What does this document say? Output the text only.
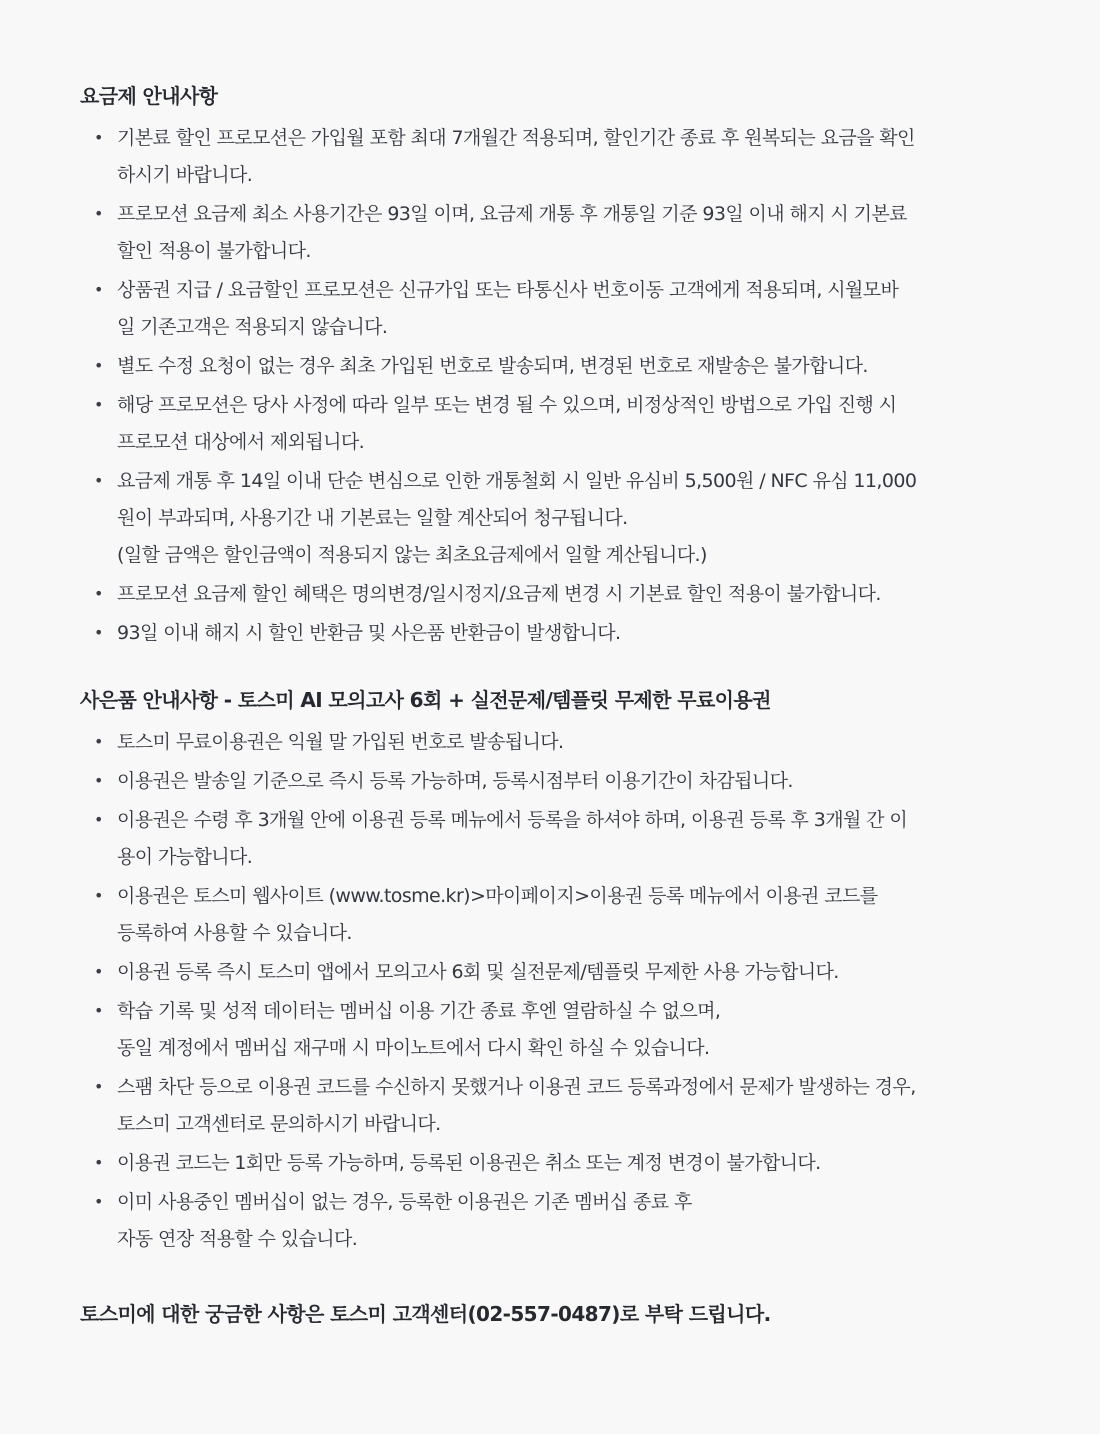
요금제 안내사항
• 기본료 할인 프로모션은 가입월 포함 최대 7개월간 적용되며, 할인기간 종료 후 원복되는 요금을 확인
하시기 바랍니다.
• 프로모션 요금제 최소 사용기간은 93일 이며, 요금제 개통 후 개통일 기준 93일 이내 해지 시 기본료
할인 적용이 불가합니다.
• 상품권 지급 / 요금할인 프로모션은 신규가입 또는 타통신사 번호이동 고객에게 적용되며, 시월모바
일 기존고객은 적용되지 않습니다.
• 별도 수정 요청이 없는 경우 최초 가입된 번호로 발송되며, 변경된 번호로 재발송은 불가합니다.
• 해당 프로모션은 당사 사정에 따라 일부 또는 변경 될 수 있으며, 비정상적인 방법으로 가입 진행 시
프로모션 대상에서 제외됩니다.
• 요금제 개통 후 14일 이내 단순 변심으로 인한 개통철회 시 일반 유심비 5,500원 / NFC 유심 11,000
원이 부과되며, 사용기간 내 기본료는 일할 계산되어 청구됩니다.
(일할 금액은 할인금액이 적용되지 않는 최초요금제에서 일할 계산됩니다.)
• 프로모션 요금제 할인 혜택은 명의변경/일시정지/요금제 변경 시 기본료 할인 적용이 불가합니다.
• 93일 이내 해지 시 할인 반환금 및 사은품 반환금이 발생합니다.
사은품 안내사항 - 토스미 AI 모의고사 6회 + 실전문제/템플릿 무제한 무료이용권
• 토스미 무료이용권은 익월 말 가입된 번호로 발송됩니다.
• 이용권은 발송일 기준으로 즉시 등록 가능하며, 등록시점부터 이용기간이 차감됩니다.
• 이용권은 수령 후 3개월 안에 이용권 등록 메뉴에서 등록을 하셔야 하며, 이용권 등록 후 3개월 간 이
용이 가능합니다.
• 이용권은 토스미 웹사이트 (www.tosme.kr)>마이페이지>이용권 등록 메뉴에서 이용권 코드를
등록하여 사용할 수 있습니다.
• 이용권 등록 즉시 토스미 앱에서 모의고사 6회 및 실전문제/템플릿 무제한 사용 가능합니다.
• 학습 기록 및 성적 데이터는 멤버십 이용 기간 종료 후엔 열람하실 수 없으며,
동일 계정에서 멤버십 재구매 시 마이노트에서 다시 확인 하실 수 있습니다.
• 스팸 차단 등으로 이용권 코드를 수신하지 못했거나 이용권 코드 등록과정에서 문제가 발생하는 경우,
토스미 고객센터로 문의하시기 바랍니다.
• 이용권 코드는 1회만 등록 가능하며, 등록된 이용권은 취소 또는 계정 변경이 불가합니다.
• 이미 사용중인 멤버십이 없는 경우, 등록한 이용권은 기존 멤버십 종료 후
자동 연장 적용할 수 있습니다.

토스미에 대한 궁금한 사항은 토스미 고객센터(02-557-0487)로 부탁 드립니다.
